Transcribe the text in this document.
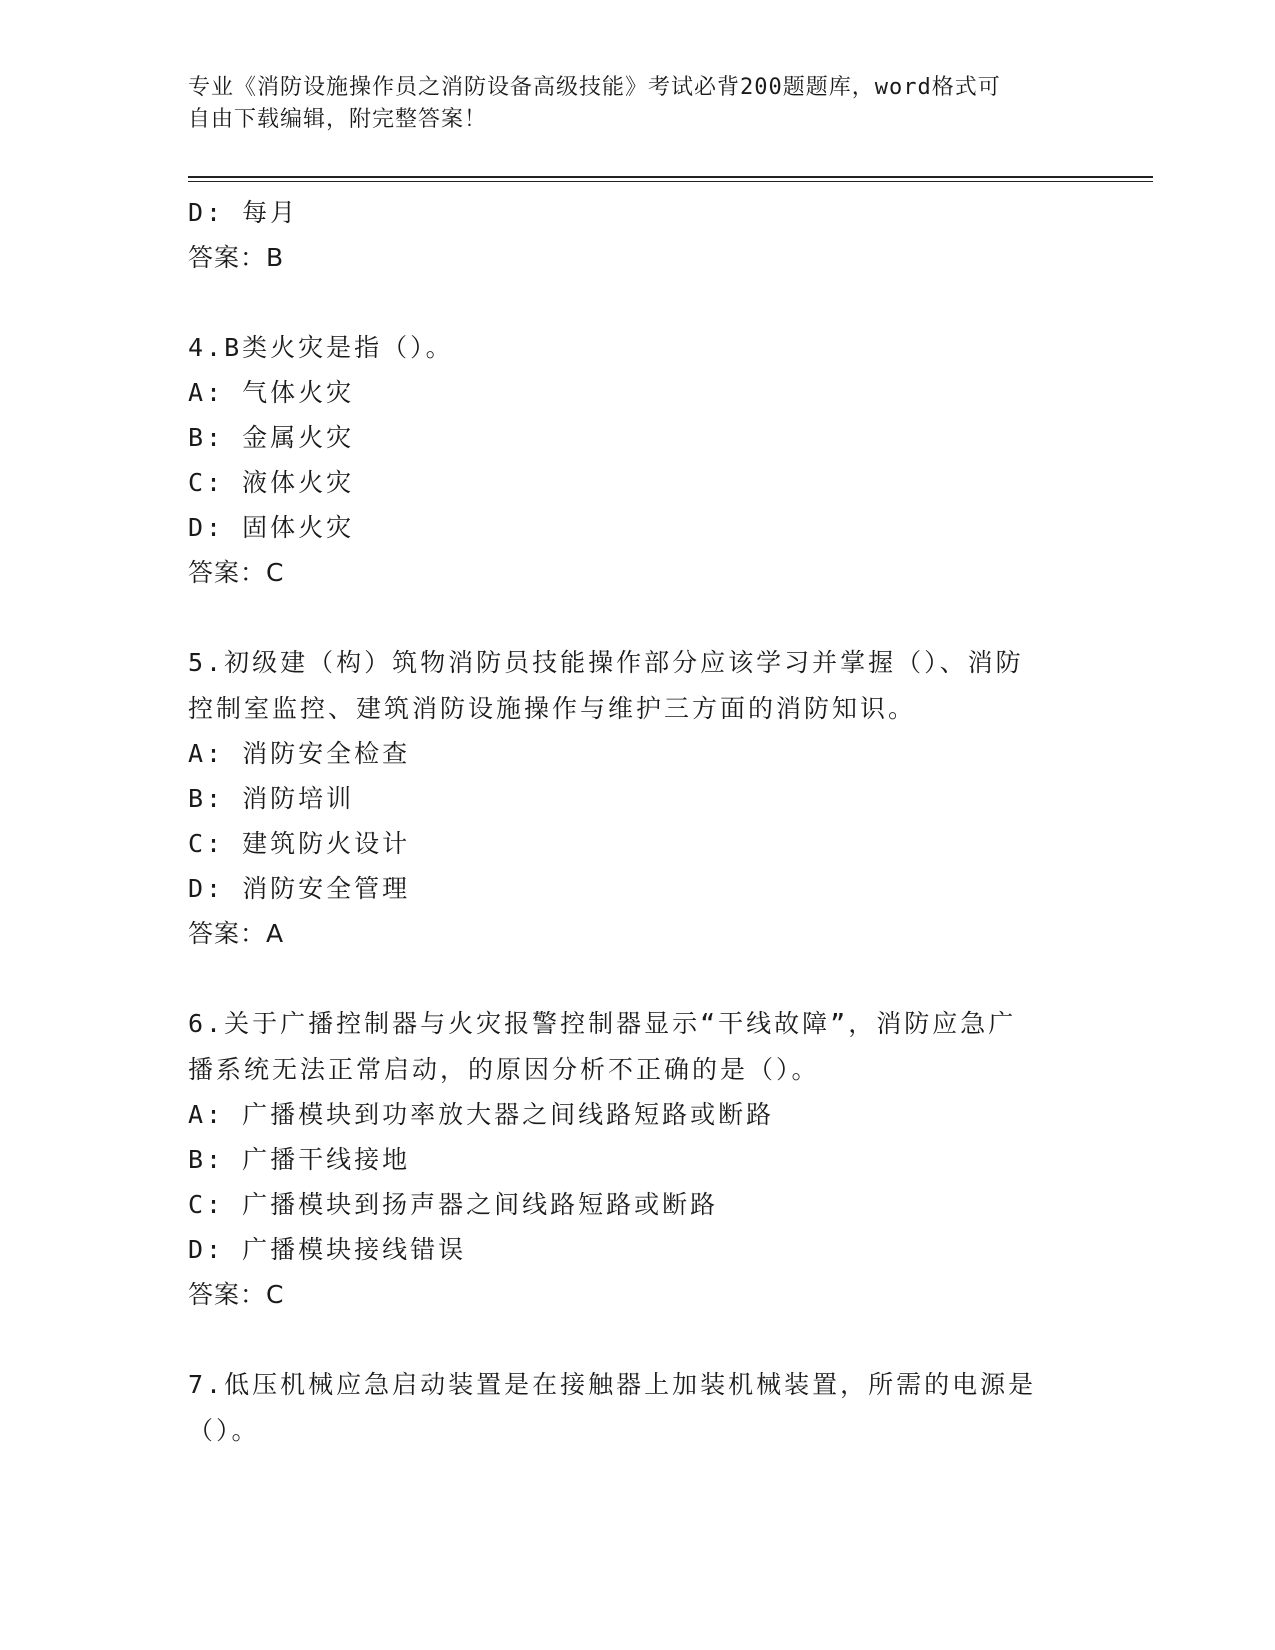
专业《消防设施操作员之消防设备高级技能》考试必背200题题库，word格式可
自由下载编辑，附完整答案！
D: 每月
答案：B
4.B类火灾是指（）。
A: 气体火灾
B: 金属火灾
C: 液体火灾
D: 固体火灾
答案：C
5.初级建（构）筑物消防员技能操作部分应该学习并掌握（）、消防
控制室监控、建筑消防设施操作与维护三方面的消防知识。
A: 消防安全检查
B: 消防培训
C: 建筑防火设计
D: 消防安全管理
答案：A
6.关于广播控制器与火灾报警控制器显示“干线故障”，消防应急广
播系统无法正常启动，的原因分析不正确的是（）。
A: 广播模块到功率放大器之间线路短路或断路
B: 广播干线接地
C: 广播模块到扬声器之间线路短路或断路
D: 广播模块接线错误
答案：C
7.低压机械应急启动装置是在接触器上加装机械装置，所需的电源是
（）。
